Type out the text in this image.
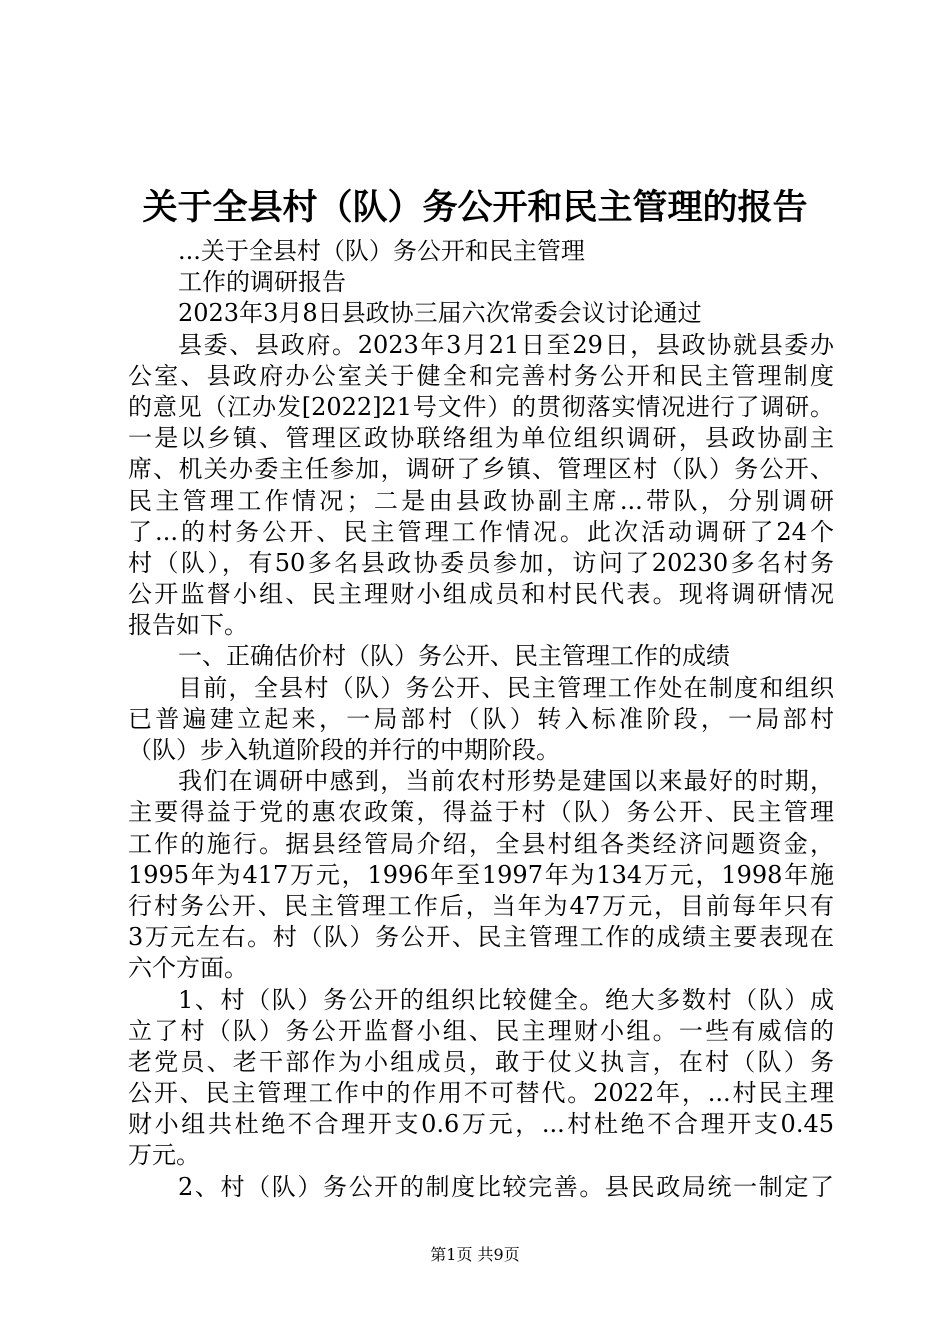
关于全县村（队）务公开和民主管理的报告
...关于全县村（队）务公开和民主管理
工作的调研报告
2023年3月8日县政协三届六次常委会议讨论通过
县委、县政府。2023年3月21日至29日，县政协就县委办
公室、县政府办公室关于健全和完善村务公开和民主管理制度
的意见（江办发[2022]21号文件）的贯彻落实情况进行了调研。
一是以乡镇、管理区政协联络组为单位组织调研，县政协副主
席、机关办委主任参加，调研了乡镇、管理区村（队）务公开、
民主管理工作情况；二是由县政协副主席...带队，分别调研
了...的村务公开、民主管理工作情况。此次活动调研了24个
村（队），有50多名县政协委员参加，访问了20230多名村务
公开监督小组、民主理财小组成员和村民代表。现将调研情况
报告如下。
一、正确估价村（队）务公开、民主管理工作的成绩
目前，全县村（队）务公开、民主管理工作处在制度和组织
已普遍建立起来，一局部村（队）转入标准阶段，一局部村
（队）步入轨道阶段的并行的中期阶段。
我们在调研中感到，当前农村形势是建国以来最好的时期，
主要得益于党的惠农政策，得益于村（队）务公开、民主管理
工作的施行。据县经管局介绍，全县村组各类经济问题资金，
1995年为417万元，1996年至1997年为134万元，1998年施
行村务公开、民主管理工作后，当年为47万元，目前每年只有
3万元左右。村（队）务公开、民主管理工作的成绩主要表现在
六个方面。
1、村（队）务公开的组织比较健全。绝大多数村（队）成
立了村（队）务公开监督小组、民主理财小组。一些有威信的
老党员、老干部作为小组成员，敢于仗义执言，在村（队）务
公开、民主管理工作中的作用不可替代。2022年，...村民主理
财小组共杜绝不合理开支0.6万元，...村杜绝不合理开支0.45
万元。
2、村（队）务公开的制度比较完善。县民政局统一制定了
第1页 共9页
